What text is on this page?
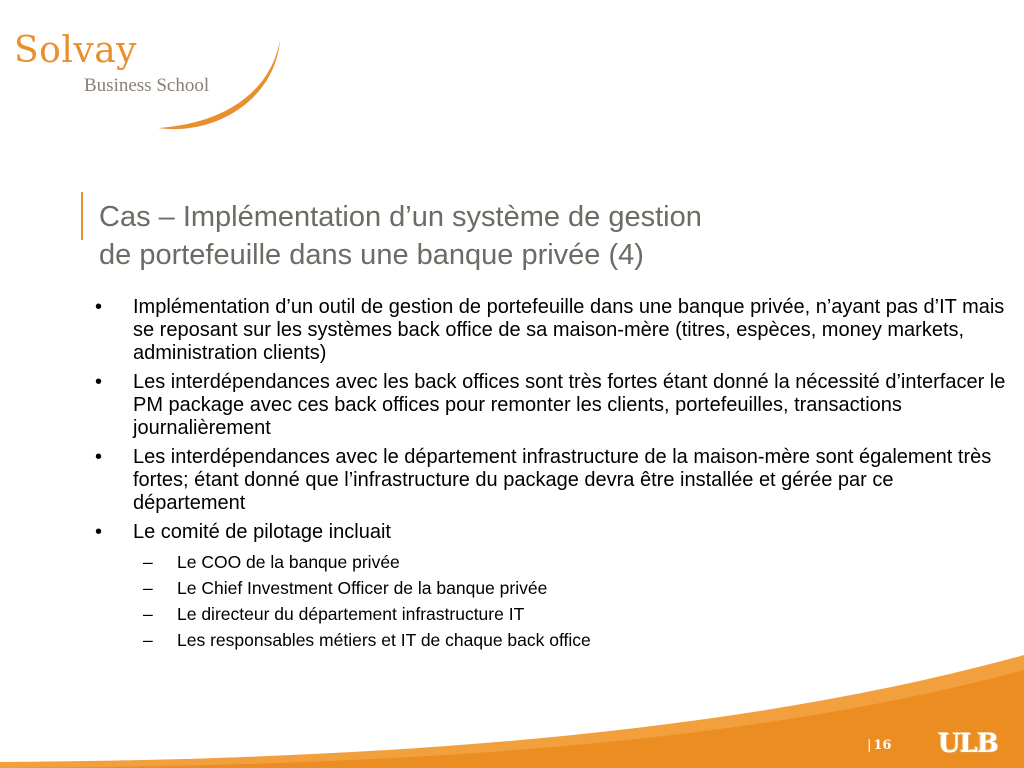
Solvay
Business School
Cas – Implémentation d’un système de gestion
de portefeuille dans une banque privée (4)
• Implémentation d’un outil de gestion de portefeuille dans une banque privée, n’ayant pas d’IT mais se reposant sur les systèmes back office de sa maison-mère (titres, espèces, money markets, administration clients)
• Les interdépendances avec les back offices sont très fortes étant donné la nécessité d’interfacer le PM package avec ces back offices pour remonter les clients, portefeuilles, transactions journalièrement
• Les interdépendances avec le département infrastructure de la maison-mère sont également très fortes; étant donné que l’infrastructure du package devra être installée et gérée par ce département
• Le comité de pilotage incluait
– Le COO de la banque privée
– Le Chief Investment Officer de la banque privée
– Le directeur du département infrastructure IT
– Les responsables métiers et IT de chaque back office
| 16 ULB
